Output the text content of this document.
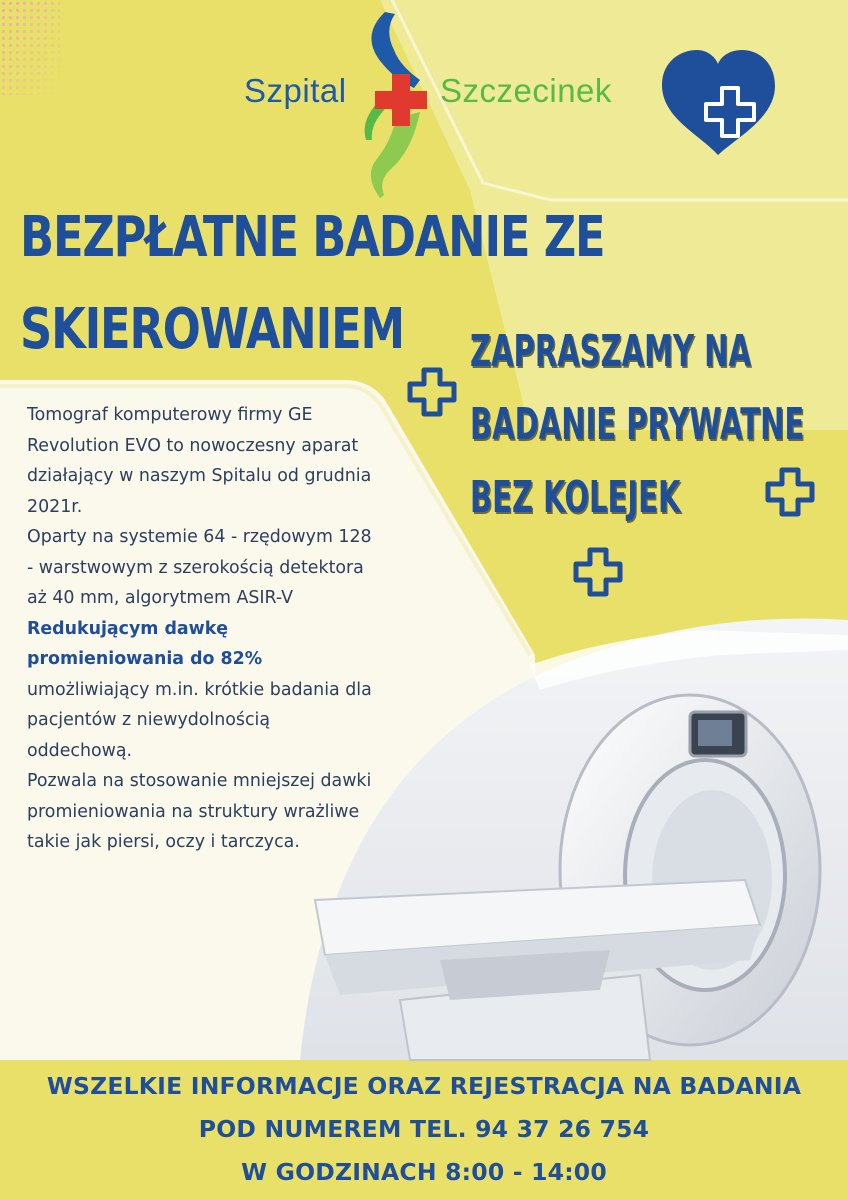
Szpital	Szczecinek
BEZPŁATNE BADANIE ZE
SKIEROWANIEM	ZAPRASZAMY NA
BADANIE PRYWATNE
BEZ KOLEJEK

Tomograf komputerowy firmy GE Revolution EVO to nowoczesny aparat działający w naszym Spitalu od grudnia 2021r.

Oparty na systemie 64 - rzędowym 128 - warstwowym z szerokością detektora aż 40 mm, algorytmem ASIR-V Redukującym dawkę promieniowania do 82% umożliwiający m.in. krótkie badania dla pacjentów z niewydolnością oddechową.

Pozwala na stosowanie mniejszej dawki promieniowania na struktury wrażliwe takie jak piersi, oczy i tarczyca.

WSZELKIE INFORMACJE ORAZ REJESTRACJA NA BADANIA
POD NUMEREM TEL. 94 37 26 754
W GODZINACH 8:00 - 14:00
